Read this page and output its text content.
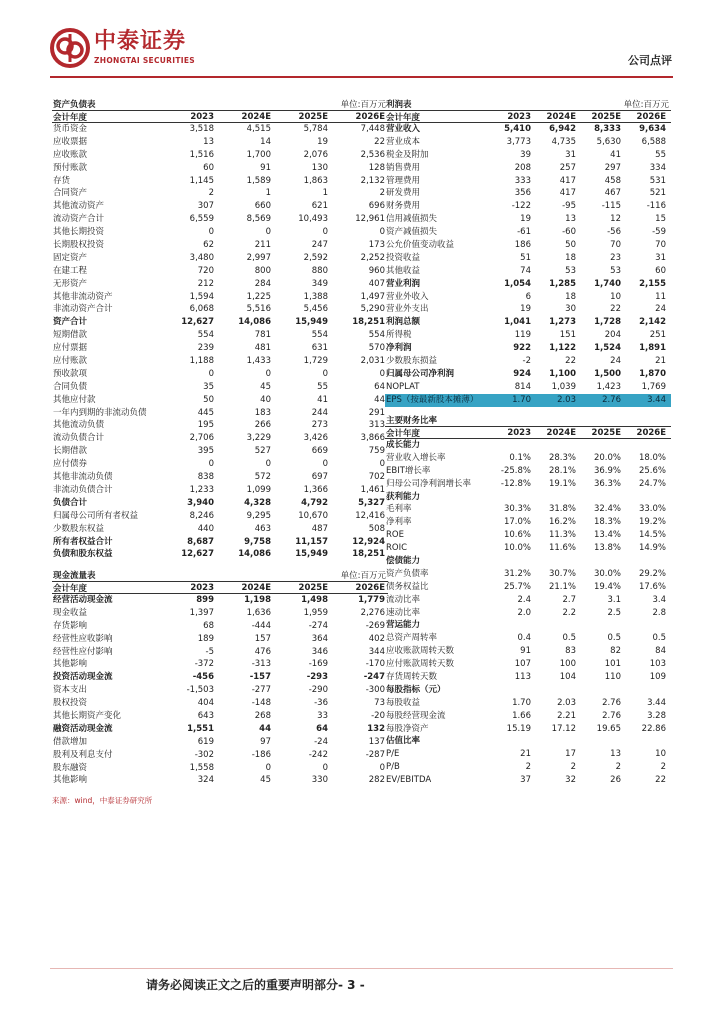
中泰证券
ZHONGTAI SECURITIES	公司点评
资产负债表	单位:百万元
会计年度	2023	2024E	2025E	2026E
货币资金	3,518	4,515	5,784	7,448
应收票据	13	14	19	22
应收账款	1,516	1,700	2,076	2,536
预付账款	60	91	130	128
存货	1,145	1,589	1,863	2,132
合同资产	2	1	1	2
其他流动资产	307	660	621	696
流动资产合计	6,559	8,569	10,493	12,961
其他长期投资	0	0	0	0
长期股权投资	62	211	247	173
固定资产	3,480	2,997	2,592	2,252
在建工程	720	800	880	960
无形资产	212	284	349	407
其他非流动资产	1,594	1,225	1,388	1,497
非流动资产合计	6,068	5,516	5,456	5,290
资产合计	12,627	14,086	15,949	18,251
短期借款	554	781	554	554
应付票据	239	481	631	570
应付账款	1,188	1,433	1,729	2,031
预收款项	0	0	0	0
合同负债	35	45	55	64
其他应付款	50	40	41	44
一年内到期的非流动负债	445	183	244	291
其他流动负债	195	266	273	313
流动负债合计	2,706	3,229	3,426	3,866
长期借款	395	527	669	759
应付债券	0	0	0	0
其他非流动负债	838	572	697	702
非流动负债合计	1,233	1,099	1,366	1,461
负债合计	3,940	4,328	4,792	5,327
归属母公司所有者权益	8,246	9,295	10,670	12,416
少数股东权益	440	463	487	508
所有者权益合计	8,687	9,758	11,157	12,924
负债和股东权益	12,627	14,086	15,949	18,251
现金流量表	单位:百万元
会计年度	2023	2024E	2025E	2026E
经营活动现金流	899	1,198	1,498	1,779
现金收益	1,397	1,636	1,959	2,276
存货影响	68	-444	-274	-269
经营性应收影响	189	157	364	402
经营性应付影响	-5	476	346	344
其他影响	-372	-313	-169	-170
投资活动现金流	-456	-157	-293	-247
资本支出	-1,503	-277	-290	-300
股权投资	404	-148	-36	73
其他长期资产变化	643	268	33	-20
融资活动现金流	1,551	44	64	132
借款增加	619	97	-24	137
股利及利息支付	-302	-186	-242	-287
股东融资	1,558	0	0	0
其他影响	324	45	330	282
利润表	单位:百万元
会计年度	2023	2024E	2025E	2026E
营业收入	5,410	6,942	8,333	9,634
营业成本	3,773	4,735	5,630	6,588
税金及附加	39	31	41	55
销售费用	208	257	297	334
管理费用	333	417	458	531
研发费用	356	417	467	521
财务费用	-122	-95	-115	-116
信用减值损失	19	13	12	15
资产减值损失	-61	-60	-56	-59
公允价值变动收益	186	50	70	70
投资收益	51	18	23	31
其他收益	74	53	53	60
营业利润	1,054	1,285	1,740	2,155
营业外收入	6	18	10	11
营业外支出	19	30	22	24
利润总额	1,041	1,273	1,728	2,142
所得税	119	151	204	251
净利润	922	1,122	1,524	1,891
少数股东损益	-2	22	24	21
归属母公司净利润	924	1,100	1,500	1,870
NOPLAT	814	1,039	1,423	1,769
EPS（按最新股本摊薄）	1.70	2.03	2.76	3.44
主要财务比率
会计年度	2023	2024E	2025E	2026E
成长能力
营业收入增长率	0.1%	28.3%	20.0%	18.0%
EBIT增长率	-25.8%	28.1%	36.9%	25.6%
归母公司净利润增长率	-12.8%	19.1%	36.3%	24.7%
获利能力
毛利率	30.3%	31.8%	32.4%	33.0%
净利率	17.0%	16.2%	18.3%	19.2%
ROE	10.6%	11.3%	13.4%	14.5%
ROIC	10.0%	11.6%	13.8%	14.9%
偿债能力
资产负债率	31.2%	30.7%	30.0%	29.2%
债务权益比	25.7%	21.1%	19.4%	17.6%
流动比率	2.4	2.7	3.1	3.4
速动比率	2.0	2.2	2.5	2.8
营运能力
总资产周转率	0.4	0.5	0.5	0.5
应收账款周转天数	91	83	82	84
应付账款周转天数	107	100	101	103
存货周转天数	113	104	110	109
每股指标（元）
每股收益	1.70	2.03	2.76	3.44
每股经营现金流	1.66	2.21	2.76	3.28
每股净资产	15.19	17.12	19.65	22.86
估值比率
P/E	21	17	13	10
P/B	2	2	2	2
EV/EBITDA	37	32	26	22
来源：wind，中泰证券研究所
请务必阅读正文之后的重要声明部分- 3 -
